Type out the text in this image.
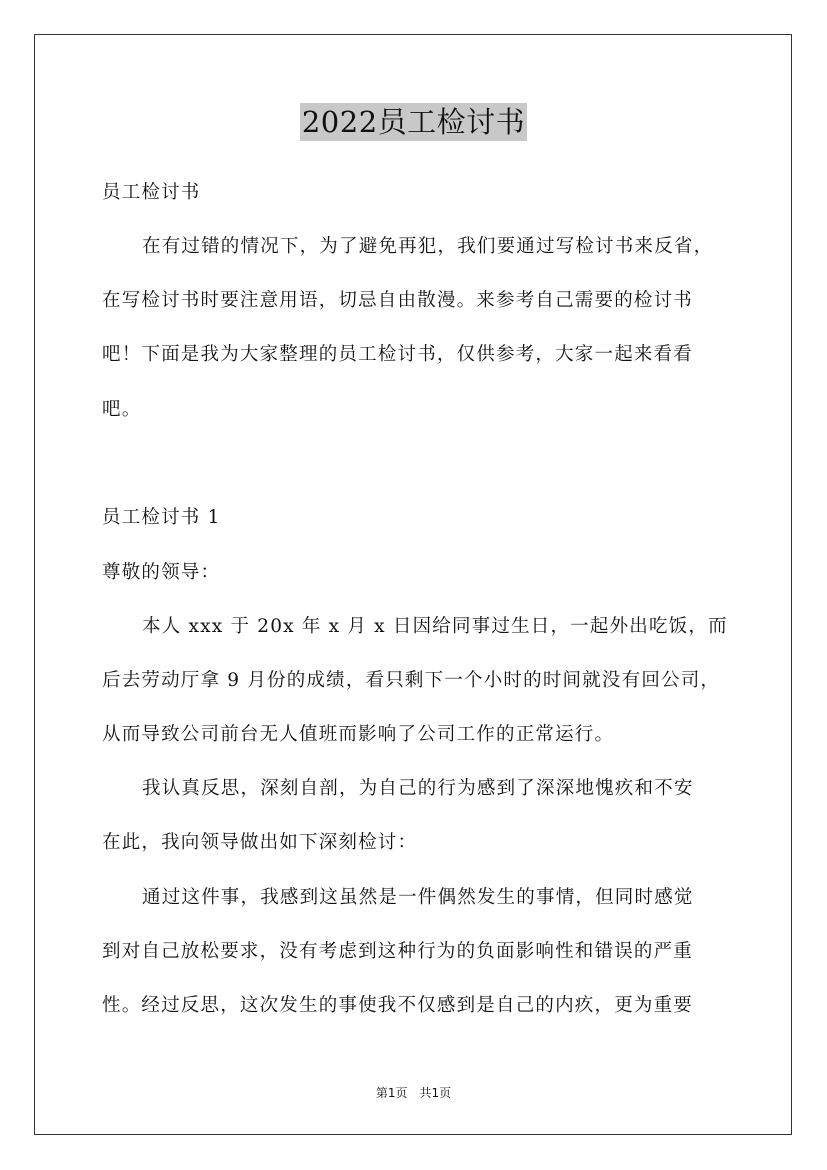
2022员工检讨书
员工检讨书
在有过错的情况下，为了避免再犯，我们要通过写检讨书来反省，
在写检讨书时要注意用语，切忌自由散漫。来参考自己需要的检讨书
吧！下面是我为大家整理的员工检讨书，仅供参考，大家一起来看看
吧。
员工检讨书 1
尊敬的领导：
本人 xxx 于 20x 年 x 月 x 日因给同事过生日，一起外出吃饭，而
后去劳动厅拿 9 月份的成绩，看只剩下一个小时的时间就没有回公司，
从而导致公司前台无人值班而影响了公司工作的正常运行。
我认真反思，深刻自剖，为自己的行为感到了深深地愧疚和不安
在此，我向领导做出如下深刻检讨：
通过这件事，我感到这虽然是一件偶然发生的事情，但同时感觉
到对自己放松要求，没有考虑到这种行为的负面影响性和错误的严重
性。经过反思，这次发生的事使我不仅感到是自己的内疚，更为重要
第1页　共1页
